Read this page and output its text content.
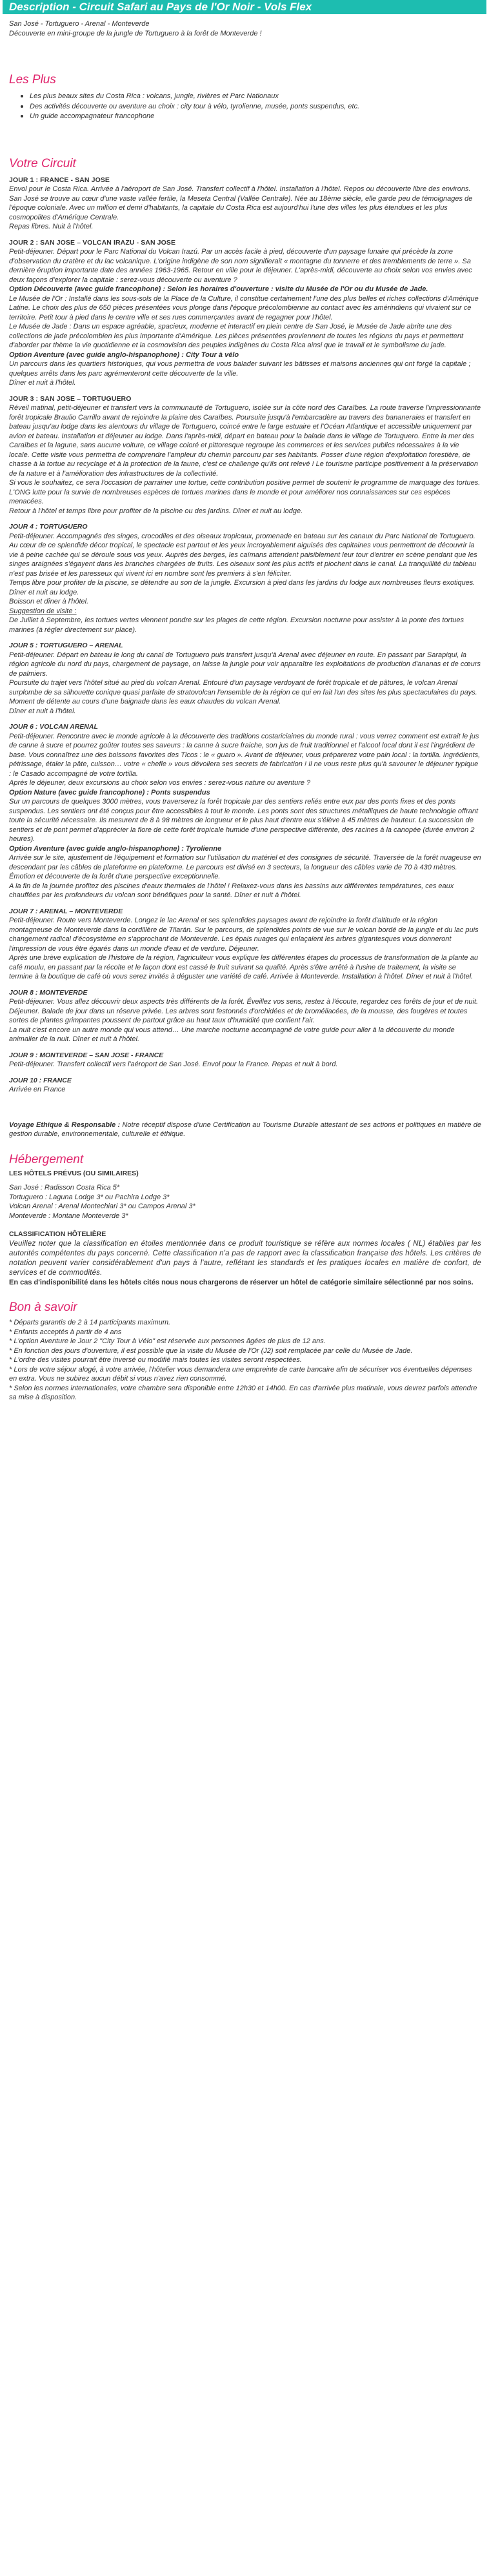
Description - Circuit Safari au Pays de l'Or Noir - Vols Flex
San José - Tortuguero - Arenal - Monteverde
Découverte en mini-groupe de la jungle de Tortuguero à la forêt de Monteverde !
Les Plus
• Les plus beaux sites du Costa Rica : volcans, jungle, rivières et Parc Nationaux
• Des activités découverte ou aventure au choix : city tour à vélo, tyrolienne, musée, ponts suspendus, etc.
• Un guide accompagnateur francophone
Votre Circuit
JOUR 1 : FRANCE - SAN JOSE

Envol pour le Costa Rica. Arrivée à l'aéroport de San José. Transfert collectif à l'hôtel. Installation à l'hôtel. Repos ou découverte libre des environs.

San José se trouve au cœur d'une vaste vallée fertile, la Meseta Central (Vallée Centrale). Née au 18ème siècle, elle garde peu de témoignages de l'époque coloniale. Avec un million et demi d'habitants, la capitale du Costa Rica est aujourd'hui l'une des villes les plus étendues et les plus cosmopolites d'Amérique Centrale.

Repas libres. Nuit à l'hôtel.

JOUR 2 : SAN JOSE – VOLCAN IRAZU - SAN JOSE

Petit-déjeuner. Départ pour le Parc National du Volcan Irazú. Par un accès facile à pied, découverte d'un paysage lunaire qui précède la zone d'observation du cratère et du lac volcanique. L'origine indigène de son nom signifierait « montagne du tonnerre et des tremblements de terre ». Sa dernière éruption importante date des années 1963-1965. Retour en ville pour le déjeuner. L'après-midi, découverte au choix selon vos envies avec deux façons d'explorer la capitale : serez-vous découverte ou aventure ?

Option Découverte (avec guide francophone) : Selon les horaires d'ouverture : visite du Musée de l'Or ou du Musée de Jade.

Le Musée de l'Or : Installé dans les sous-sols de la Place de la Culture, il constitue certainement l'une des plus belles et riches collections d'Amérique Latine. Le choix des plus de 650 pièces présentées vous plonge dans l'époque précolombienne au contact avec les amérindiens qui vivaient sur ce territoire. Petit tour à pied dans le centre ville et ses rues commerçantes avant de regagner pour l'hôtel.

Le Musée de Jade : Dans un espace agréable, spacieux, moderne et interactif en plein centre de San José, le Musée de Jade abrite une des collections de jade précolombien les plus importante d'Amérique. Les pièces présentées proviennent de toutes les régions du pays et permettent d'aborder par thème la vie quotidienne et la cosmovision des peuples indigènes du Costa Rica ainsi que le travail et le symbolisme du jade.

Option Aventure (avec guide anglo-hispanophone) : City Tour à vélo

Un parcours dans les quartiers historiques, qui vous permettra de vous balader suivant les bâtisses et maisons anciennes qui ont forgé la capitale ; quelques arrêts dans les parc agrémenteront cette découverte de la ville.

Dîner et nuit à l'hôtel.

JOUR 3 : SAN JOSE – TORTUGUERO

Réveil matinal, petit-déjeuner et transfert vers la communauté de Tortuguero, isolée sur la côte nord des Caraïbes. La route traverse l'impressionnante forêt tropicale Braulio Carrillo avant de rejoindre la plaine des Caraïbes. Poursuite jusqu'à l'embarcadère au travers des bananeraies et transfert en bateau jusqu'au lodge dans les alentours du village de Tortuguero, coincé entre le large estuaire et l'Océan Atlantique et accessible uniquement par avion et bateau. Installation et déjeuner au lodge. Dans l'après-midi, départ en bateau pour la balade dans le village de Tortuguero. Entre la mer des Caraïbes et la lagune, sans aucune voiture, ce village coloré et pittoresque regroupe les commerces et les services publics nécessaires à la vie locale. Cette visite vous permettra de comprendre l'ampleur du chemin parcouru par ses habitants. Posser d'une région d'exploitation forestière, de chasse à la tortue au recyclage et à la protection de la faune, c'est ce challenge qu'ils ont relevé ! Le tourisme participe positivement à la préservation de la nature et à l'amélioration des infrastructures de la collectivité.

Si vous le souhaitez, ce sera l'occasion de parrainer une tortue, cette contribution positive permet de soutenir le programme de marquage des tortues. L'ONG lutte pour la survie de nombreuses espèces de tortues marines dans le monde et pour améliorer nos connaissances sur ces espèces menacées.

Retour à l'hôtel et temps libre pour profiter de la piscine ou des jardins. Dîner et nuit au lodge.

JOUR 4 : TORTUGUERO

Petit-déjeuner. Accompagnés des singes, crocodiles et des oiseaux tropicaux, promenade en bateau sur les canaux du Parc National de Tortuguero. Au cœur de ce splendide décor tropical, le spectacle est partout et les yeux incroyablement aiguisés des capitaines vous permettront de découvrir la vie à peine cachée qui se déroule sous vos yeux. Auprès des berges, les caïmans attendent paisiblement leur tour d'entrer en scène pendant que les singes araignées s'égayent dans les branches chargées de fruits. Les oiseaux sont les plus actifs et piochent dans le canal. La tranquillité du tableau n'est pas brisée et les paresseux qui vivent ici en nombre sont les premiers à s'en féliciter.

Temps libre pour profiter de la piscine, se détendre au son de la jungle. Excursion à pied dans les jardins du lodge aux nombreuses fleurs exotiques. Dîner et nuit au lodge.

Boisson et dîner à l'hôtel.

Suggestion de visite :

De Juillet à Septembre, les tortues vertes viennent pondre sur les plages de cette région. Excursion nocturne pour assister à la ponte des tortues marines (à régler directement sur place).

JOUR 5 : TORTUGUERO – ARENAL

Petit-déjeuner. Départ en bateau le long du canal de Tortuguero puis transfert jusqu'à Arenal avec déjeuner en route. En passant par Sarapiqui, la région agricole du nord du pays, chargement de paysage, on laisse la jungle pour voir apparaître les exploitations de production d'ananas et de cœurs de palmiers.

Poursuite du trajet vers l'hôtel situé au pied du volcan Arenal. Entouré d'un paysage verdoyant de forêt tropicale et de pâtures, le volcan Arenal surplombe de sa silhouette conique quasi parfaite de stratovolcan l'ensemble de la région ce qui en fait l'un des sites les plus spectaculaires du pays.

Moment de détente au cours d'une baignade dans les eaux chaudes du volcan Arenal.

Dîner et nuit à l'hôtel.

JOUR 6 : VOLCAN ARENAL

Petit-déjeuner. Rencontre avec le monde agricole à la découverte des traditions costariciaines du monde rural : vous verrez comment est extrait le jus de canne à sucre et pourrez goûter toutes ses saveurs : la canne à sucre fraiche, son jus de fruit traditionnel et l'alcool local dont il est l'ingrédient de base. Vous connaîtrez une des boissons favorites des Ticos : le « guaro ». Avant de déjeuner, vous préparerez votre pain local : la tortilla. Ingrédients, pétrissage, étaler la pâte, cuisson… votre « chefle » vous dévoilera ses secrets de fabrication ! Il ne vous reste plus qu'à savourer le déjeuner typique : le Casado accompagné de votre tortilla.

Après le déjeuner, deux excursions au choix selon vos envies : serez-vous nature ou aventure ?

Option Nature (avec guide francophone) : Ponts suspendus

Sur un parcours de quelques 3000 mètres, vous traverserez la forêt tropicale par des sentiers reliés entre eux par des ponts fixes et des ponts suspendus. Les sentiers ont été conçus pour être accessibles à tout le monde. Les ponts sont des structures métalliques de haute technologie offrant toute la sécurité nécessaire. Ils mesurent de 8 à 98 mètres de longueur et le plus haut d'entre eux s'élève à 45 mètres de hauteur. La succession de sentiers et de pont permet d'apprécier la flore de cette forêt tropicale humide d'une perspective différente, des racines à la canopée (durée environ 2 heures).

Option Aventure (avec guide anglo-hispanophone) : Tyrolienne

Arrivée sur le site, ajustement de l'équipement et formation sur l'utilisation du matériel et des consignes de sécurité. Traversée de la forêt nuageuse en descendant par les câbles de plateforme en plateforme. Le parcours est divisé en 3 secteurs, la longueur des câbles varie de 70 à 430 mètres. Émotion et découverte de la forêt d'une perspective exceptionnelle.

A la fin de la journée profitez des piscines d'eaux thermales de l'hôtel ! Relaxez-vous dans les bassins aux différentes températures, ces eaux chauffées par les profondeurs du volcan sont bénéfiques pour la santé. Dîner et nuit à l'hôtel.

JOUR 7 : ARENAL – MONTEVERDE

Petit-déjeuner. Route vers Monteverde. Longez le lac Arenal et ses splendides paysages avant de rejoindre la forêt d'altitude et la région montagneuse de Monteverde dans la cordillère de Tilarán. Sur le parcours, de splendides points de vue sur le volcan bordé de la jungle et du lac puis changement radical d'écosystème en s'approchant de Monteverde. Les épais nuages qui enlaçaient les arbres gigantesques vous donneront l'impression de vous être égarés dans un monde d'eau et de verdure. Déjeuner.

Après une brève explication de l'histoire de la région, l'agriculteur vous explique les différentes étapes du processus de transformation de la plante au café moulu, en passant par la récolte et le façon dont est cassé le fruit suivant sa qualité. Après s'être arrêté à l'usine de traitement, la visite se termine à la boutique de café où vous serez invités à déguster une variété de café. Arrivée à Monteverde. Installation à l'hôtel. Dîner et nuit à l'hôtel.

JOUR 8 : MONTEVERDE

Petit-déjeuner. Vous allez découvrir deux aspects très différents de la forêt. Éveillez vos sens, restez à l'écoute, regardez ces forêts de jour et de nuit. Déjeuner. Balade de jour dans un réserve privée. Les arbres sont festonnés d'orchidées et de broméliacées, de la mousse, des fougères et toutes sortes de plantes grimpantes poussent de partout grâce au haut taux d'humidité que confient l'air.

La nuit c'est encore un autre monde qui vous attend… Une marche nocturne accompagné de votre guide pour aller à la découverte du monde animalier de la nuit. Dîner et nuit à l'hôtel.

JOUR 9 : MONTEVERDE – SAN JOSE - FRANCE

Petit-déjeuner. Transfert collectif vers l'aéroport de San José. Envol pour la France. Repas et nuit à bord.

JOUR 10 : FRANCE

Arrivée en France

Voyage Ethique & Responsable : Notre réceptif dispose d'une Certification au Tourisme Durable attestant de ses actions et politiques en matière de gestion durable, environnementale, culturelle et éthique.

Hébergement
LES HÔTELS PRÉVUS (OU SIMILAIRES)
San José : Radisson Costa Rica 5*
Tortuguero : Laguna Lodge 3* ou Pachira Lodge 3*
Volcan Arenal : Arenal Montechiari 3* ou Campos Arenal 3*
Monteverde : Montane Monteverde 3*
CLASSIFICATION HÔTELIÈRE

Veuillez noter que la classification en étoiles mentionnée dans ce produit touristique se réfère aux normes locales ( NL) établies par les autorités compétentes du pays concerné. Cette classification n'a pas de rapport avec la classification française des hôtels. Les critères de notation peuvent varier considérablement d'un pays à l'autre, reflétant les standards et les pratiques locales en matière de confort, de services et de commodités.

En cas d'indisponibilité dans les hôtels cités nous nous chargerons de réserver un hôtel de catégorie similaire sélectionné par nos soins.

Bon à savoir
* Départs garantis de 2 à 14 participants maximum.
* Enfants acceptés à partir de 4 ans
* L'option Aventure le Jour 2 "City Tour à Vélo" est réservée aux personnes âgées de plus de 12 ans.
* En fonction des jours d'ouverture, il est possible que la visite du Musée de l'Or (J2) soit remplacée par celle du Musée de Jade.
* L'ordre des visites pourrait être inversé ou modifié mais toutes les visites seront respectées.
* Lors de votre séjour alogé, à votre arrivée, l'hôtelier vous demandera une empreinte de carte bancaire afin de sécuriser vos éventuelles dépenses en extra. Vous ne subirez aucun débit si vous n'avez rien consommé.
* Selon les normes internationales, votre chambre sera disponible entre 12h30 et 14h00. En cas d'arrivée plus matinale, vous devrez parfois attendre sa mise à disposition.
